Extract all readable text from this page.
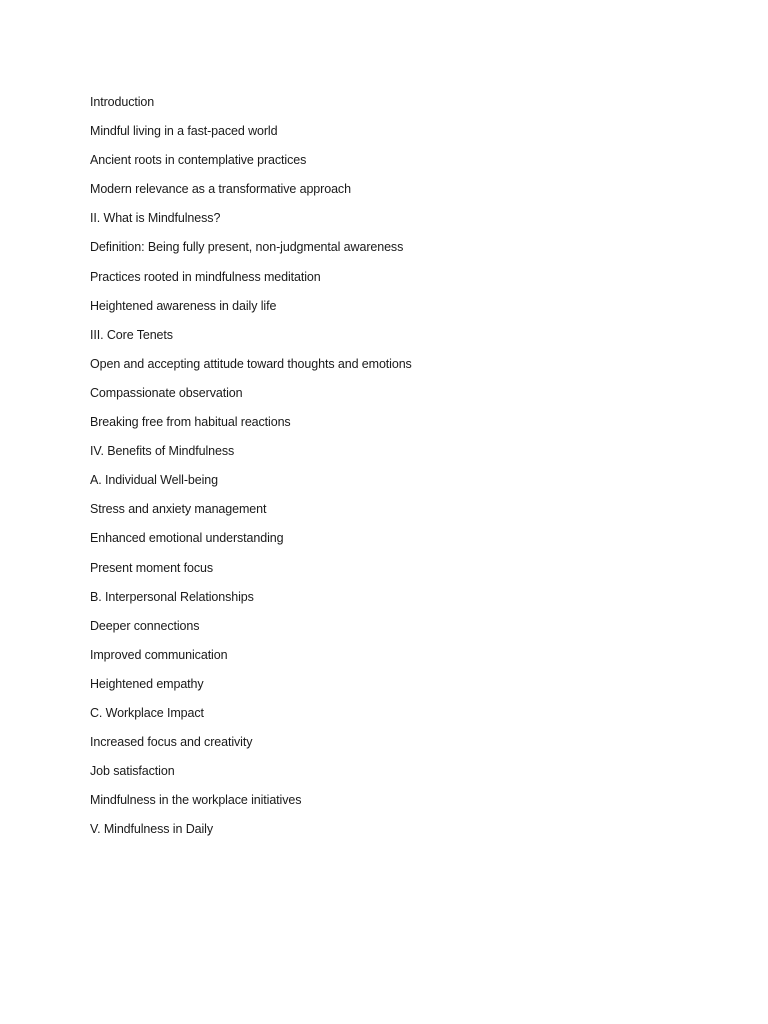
Introduction
Mindful living in a fast-paced world
Ancient roots in contemplative practices
Modern relevance as a transformative approach
II. What is Mindfulness?
Definition: Being fully present, non-judgmental awareness
Practices rooted in mindfulness meditation
Heightened awareness in daily life
III. Core Tenets
Open and accepting attitude toward thoughts and emotions
Compassionate observation
Breaking free from habitual reactions
IV. Benefits of Mindfulness
A. Individual Well-being
Stress and anxiety management
Enhanced emotional understanding
Present moment focus
B. Interpersonal Relationships
Deeper connections
Improved communication
Heightened empathy
C. Workplace Impact
Increased focus and creativity
Job satisfaction
Mindfulness in the workplace initiatives
V. Mindfulness in Daily
